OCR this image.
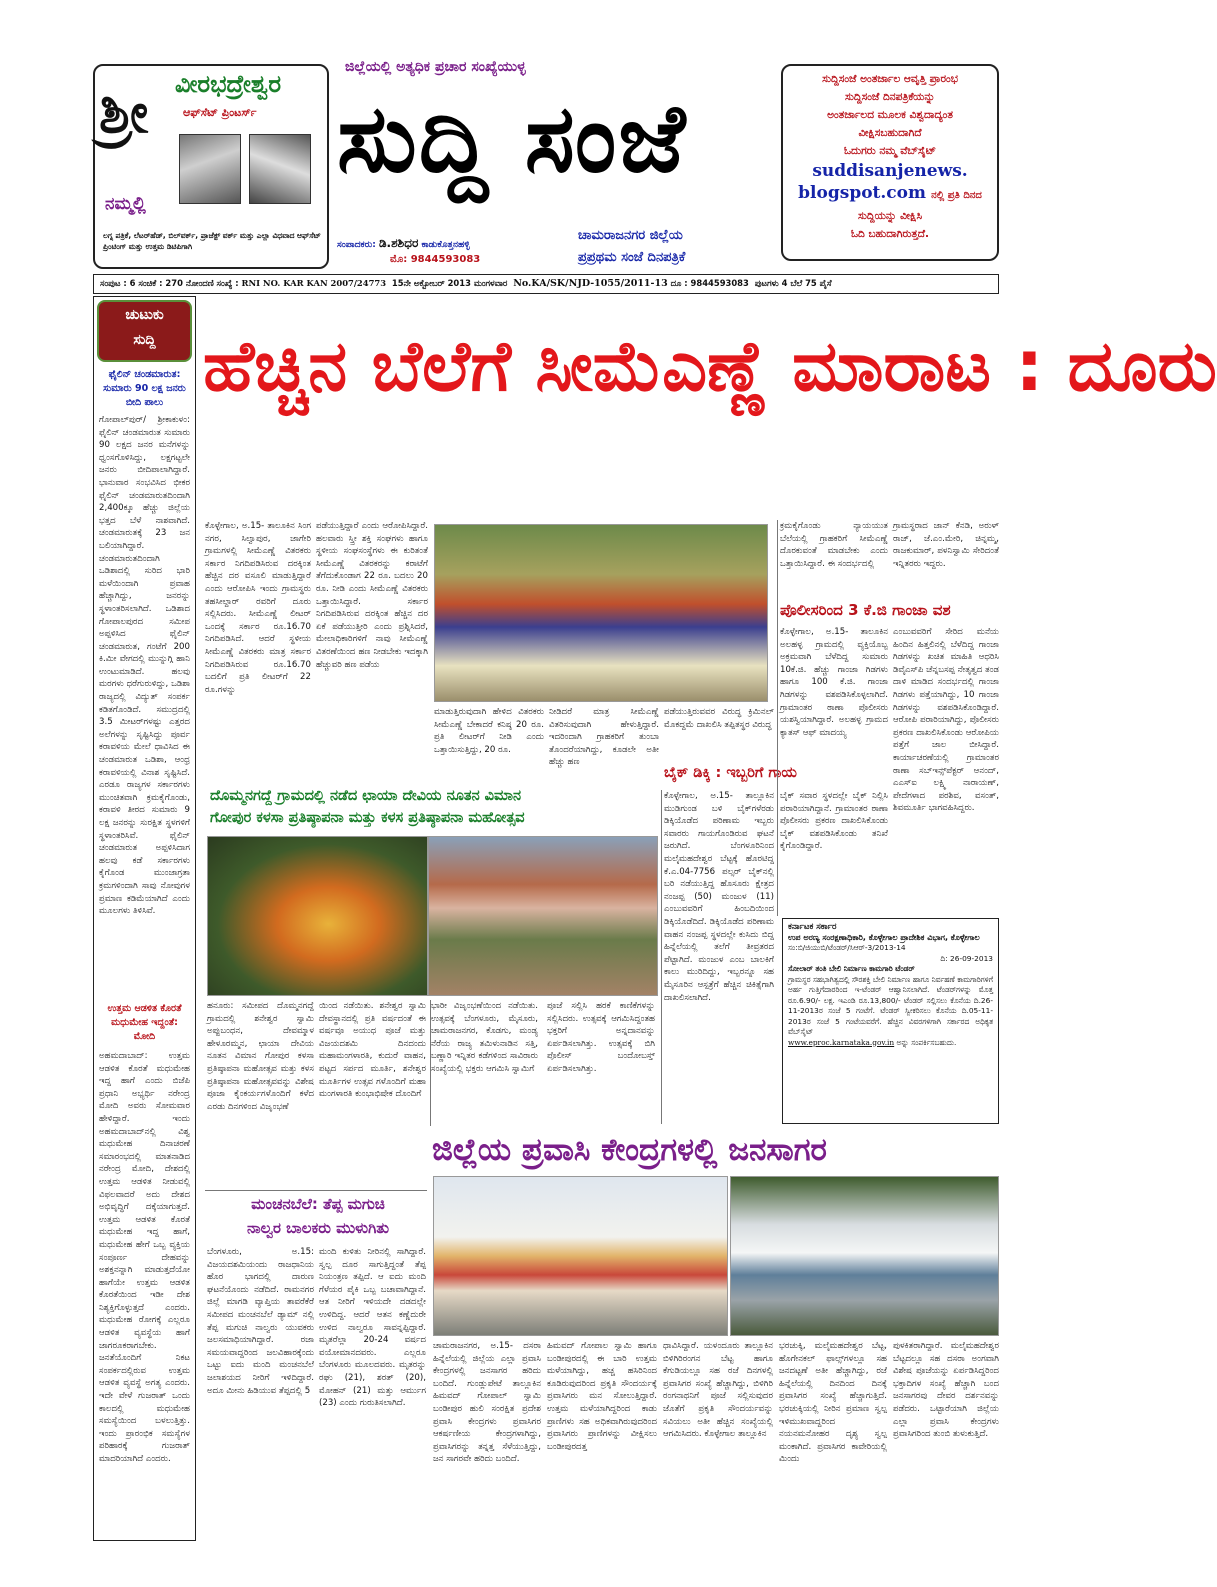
ಶ್ರೀ ವೀರಭದ್ರೇಶ್ವರ
ಆಫ್‌ಸೆಟ್ ಪ್ರಿಂಟರ್ಸ್
ನಮ್ಮಲ್ಲಿ
ಲಗ್ನ ಪತ್ರಿಕೆ, ಲೆಟರ್‌ಹೆಡ್, ಬಿಲ್‌ವರ್ಕ್, ಪ್ರಾಜೆಕ್ಟ್ ವರ್ಕ್ ಮತ್ತು ಎಲ್ಲಾ ವಿಧವಾದ ಆಫ್‌ಸೆಟ್ ಪ್ರಿಂಟಿಂಗ್ ಮತ್ತು ಉತ್ತಮ ಡಿಟಿಪಿಗಾಗಿ
ಜಿಲ್ಲೆಯಲ್ಲಿ ಅತ್ಯಧಿಕ ಪ್ರಚಾರ ಸಂಖ್ಯೆಯುಳ್ಳ
ಸುದ್ದಿ ಸಂಜೆ
ಸಂಪಾದಕರು: ಡಿ.ಶಶಿಧರ ಕಾಡುಕೊತ್ತನಹಳ್ಳಿ
ಮೊ: 9844593083
ಚಾಮರಾಜನಗರ ಜಿಲ್ಲೆಯ
ಪ್ರಪ್ರಥಮ ಸಂಜೆ ದಿನಪತ್ರಿಕೆ
ಸುದ್ದಿಸಂಜೆ ಅಂತರ್ಜಾಲ ಆವೃತ್ತಿ ಪ್ರಾರಂಭ
ಸುದ್ದಿಸಂಜೆ ದಿನಪತ್ರಿಕೆಯನ್ನು
ಅಂತರ್ಜಾಲದ ಮೂಲಕ ವಿಶ್ವದಾದ್ಯಂತ
ವೀಕ್ಷಿಸಬಹುದಾಗಿದೆ
ಓದುಗರು ನಮ್ಮ ವೆಬ್‌ಸೈಟ್
suddisanjenews.
blogspot.com ನಲ್ಲಿ ಪ್ರತಿ ದಿನದ
ಸುದ್ದಿಯನ್ನು ವೀಕ್ಷಿಸಿ
ಓದಿ ಬಹುದಾಗಿರುತ್ತದೆ.
ಸಂಪುಟ : 6 ಸಂಚಿಕೆ : 270 ನೋಂದಣಿ ಸಂಖ್ಯೆ : RNI NO. KAR KAN 2007/24773 15ನೇ ಅಕ್ಟೋಬರ್ 2013 ಮಂಗಳವಾರ No.KA/SK/NJD-1055/2011-13 ದೂ : 9844593083 ಪುಟಗಳು 4 ಬೆಲೆ 75 ಪೈಸೆ
ಚುಟುಕು
ಸುದ್ದಿ
ಫೈಲಿನ್ ಚಂಡಮಾರುತ: ಸುಮಾರು 90 ಲಕ್ಷ ಜನರು ಬೀದಿ ಪಾಲು
ಗೋಪಾಲ್‌ಪುರ್/ ಶ್ರೀಕಾಕುಳಂ: ಫೈಲಿನ್ ಚಂಡಮಾರುತ ಸುಮಾರು 90 ಲಕ್ಷದ ಜನರ ಮನೆಗಳನ್ನು ಧ್ವಂಸಗೊಳಿಸಿದ್ದು, ಲಕ್ಷಗಟ್ಟಲೇ ಜನರು ಬೀದಿಪಾಲಾಗಿದ್ದಾರೆ. ಭಾನುವಾರ ಸಂಭವಿಸಿದ ಭೀಕರ ಫೈಲಿನ್ ಚಂಡಮಾರುತದಿಂದಾಗಿ 2,400ಕ್ಕೂ ಹೆಚ್ಚು ಜಿಲ್ಲೆಯ ಭತ್ತದ ಬೆಳೆ ನಾಶವಾಗಿದೆ. ಚಂಡಮಾರುತಕ್ಕೆ 23 ಜನ ಬಲಿಯಾಗಿದ್ದಾರೆ. ಚಂಡಮಾರುತದಿಂದಾಗಿ ಒಡಿಶಾದಲ್ಲಿ ಸುರಿದ ಭಾರಿ ಮಳೆಯಿಂದಾಗಿ ಪ್ರವಾಹ ಹೆಚ್ಚಾಗಿದ್ದು, ಜನರನ್ನು ಸ್ಥಳಾಂತರಿಸಲಾಗಿದೆ. ಒಡಿಶಾದ ಗೋಪಾಲಪುರದ ಸಮೀಪ ಅಪ್ಪಳಿಸಿದ ಫೈಲಿನ್ ಚಂಡಮಾರುತ, ಗಂಟೆಗೆ 200 ಕಿ.ಮೀ ವೇಗದಲ್ಲಿ ಮುನ್ನುಗ್ಗಿ ಹಾನಿ ಉಂಟುಮಾಡಿದೆ. ಹಲವು ಮರಗಳು ಧರೆಗುರುಳಿದ್ದು, ಒಡಿಶಾ ರಾಜ್ಯದಲ್ಲಿ ವಿದ್ಯುತ್ ಸಂಪರ್ಕ ಕಡಿತಗೊಂಡಿದೆ. ಸಮುದ್ರದಲ್ಲಿ 3.5 ಮೀಟರ್‌ಗಳಷ್ಟು ಎತ್ತರದ ಅಲೆಗಳನ್ನು ಸೃಷ್ಟಿಸಿದ್ದು ಪೂರ್ವ ಕರಾವಳಿಯ ಮೇಲೆ ಧಾವಿಸಿದ ಈ ಚಂಡಮಾರುತ ಒಡಿಶಾ, ಆಂಧ್ರ ಕರಾವಳಿಯಲ್ಲಿ ವಿನಾಶ ಸೃಷ್ಟಿಸಿದೆ. ಎರಡೂ ರಾಜ್ಯಗಳ ಸರ್ಕಾರಗಳು ಮುಂಚಿತವಾಗಿ ಕ್ರಮಕೈಗೊಂಡು, ಕರಾವಳಿ ತೀರದ ಸುಮಾರು 9 ಲಕ್ಷ ಜನರನ್ನು ಸುರಕ್ಷಿತ ಸ್ಥಳಗಳಿಗೆ ಸ್ಥಳಾಂತರಿಸಿವೆ. ಫೈಲಿನ್ ಚಂಡಮಾರುತ ಅಪ್ಪಳಿಸಿದಾಗ ಹಲವು ಕಡೆ ಸರ್ಕಾರಗಳು ಕೈಗೊಂಡ ಮುಂಜಾಗ್ರತಾ ಕ್ರಮಗಳಿಂದಾಗಿ ಸಾವು ನೋವುಗಳ ಪ್ರಮಾಣ ಕಡಿಮೆಯಾಗಿದೆ ಎಂದು ಮೂಲಗಳು ತಿಳಿಸಿವೆ.
ಉತ್ತಮ ಆಡಳಿತ ಕೊರತೆ ಮಧುಮೇಹ ಇದ್ದಂತೆ: ಮೋದಿ
ಅಹಮದಾಬಾದ್: ಉತ್ತಮ ಆಡಳಿತ ಕೊರತೆ ಮಧುಮೇಹ ಇದ್ದ ಹಾಗೆ ಎಂದು ಬಿಜೆಪಿ ಪ್ರಧಾನಿ ಅಭ್ಯರ್ಥಿ ನರೇಂದ್ರ ಮೋದಿ ಅವರು ಸೋಮವಾರ ಹೇಳಿದ್ದಾರೆ. ಇಂದು ಅಹಮದಾಬಾದ್‌ನಲ್ಲಿ ವಿಶ್ವ ಮಧುಮೇಹ ದಿನಾಚರಣೆ ಸಮಾರಂಭದಲ್ಲಿ ಮಾತನಾಡಿದ ನರೇಂದ್ರ ಮೋದಿ, ದೇಶದಲ್ಲಿ ಉತ್ತಮ ಆಡಳಿತ ನೀಡುವಲ್ಲಿ ವಿಫಲವಾದರೆ ಅದು ದೇಶದ ಅಭಿವೃದ್ಧಿಗೆ ದಕ್ಕೆಯಾಗುತ್ತದೆ. ಉತ್ತಮ ಆಡಳಿತ ಕೊರತೆ ಮಧುಮೇಹ ಇದ್ದ ಹಾಗೆ, ಮಧುಮೇಹ ಹೇಗೆ ಒಬ್ಬ ವ್ಯಕ್ತಿಯ ಸಂಪೂರ್ಣ ದೇಹವನ್ನು ಅಶಕ್ತನನ್ನಾಗಿ ಮಾಡುತ್ತದೆಯೋ ಹಾಗೆಯೇ ಉತ್ತಮ ಆಡಳಿತ ಕೊರತೆಯಿಂದ ಇಡೀ ದೇಶ ನಿಶ್ಯಕ್ತಿಗೊಳ್ಳುತ್ತದೆ ಎಂದರು. ಮಧುಮೇಹ ರೋಗಕ್ಕೆ ಎಲ್ಲರೂ ಆಡಳಿತ ವ್ಯವಸ್ಥೆಯ ಹಾಗೆ ಜಾಗರೂಕರಾಗಬೇಕು. ಜನತೆಯೊಂದಿಗೆ ನಿಕಟ ಸಂಪರ್ಕದಲ್ಲಿರುವ ಉತ್ತಮ ಆಡಳಿತ ವ್ಯವಸ್ಥೆ ಅಗತ್ಯ ಎಂದರು. ಇದೇ ವೇಳೆ ಗುಜರಾತ್ ಒಂದು ಕಾಲದಲ್ಲಿ ಮಧುಮೇಹ ಸಮಸ್ಯೆಯಿಂದ ಬಳಲುತ್ತಿತ್ತು. ಇಂದು ಪ್ರಾರಂಭಿಕ ಸಮಸ್ಯೆಗಳ ಪರಿಹಾರಕ್ಕೆ ಗುಜರಾತ್ ಮಾದರಿಯಾಗಿದೆ ಎಂದರು.
ಹೆಚ್ಚಿನ ಬೆಲೆಗೆ ಸೀಮೆಎಣ್ಣೆ ಮಾರಾಟ : ದೂರು
ಕೊಳ್ಳೇಗಾಲ, ಅ.15- ತಾಲೂಕಿನ ಸಿಂಗ ನಗರ, ಸಿಲ್ವಾಪುರ, ಜಾಗೇರಿ ಗ್ರಾಮಗಳಲ್ಲಿ ಸೀಮೆಎಣ್ಣೆ ವಿತರಕರು ಸರ್ಕಾರ ನಿಗದಿಪಡಿಸಿರುವ ದರಕ್ಕಿಂತ ಹೆಚ್ಚಿನ ದರ ವಸೂಲಿ ಮಾಡುತ್ತಿದ್ದಾರೆ ಎಂದು ಆರೋಪಿಸಿ ಇಂದು ಗ್ರಾಮಸ್ಥರು ತಹಸೀಲ್ದಾರ್ ರವರಿಗೆ ದೂರು ಸಲ್ಲಿಸಿದರು. ಸೀಮೆಎಣ್ಣೆ ಲೀಟರ್ ಒಂದಕ್ಕೆ ಸರ್ಕಾರ ರೂ.16.70 ನಿಗದಿಪಡಿಸಿದೆ. ಆದರೆ ಸ್ಥಳೀಯ ಸೀಮೆಎಣ್ಣೆ ವಿತರಕರು ಮಾತ್ರ ಸರ್ಕಾರ ನಿಗದಿಪಡಿಸಿರುವ ರೂ.16.70 ಬದಲಿಗೆ ಪ್ರತಿ ಲೀಟರ್‌ಗೆ 22 ರೂ.ಗಳನ್ನು
ಪಡೆಯುತ್ತಿದ್ದಾರೆ ಎಂದು ಆರೋಪಿಸಿದ್ದಾರೆ. ಹಲವಾರು ಸ್ತ್ರೀ ಶಕ್ತಿ ಸಂಘಗಳು ಹಾಗೂ ಸ್ಥಳೀಯ ಸಂಘಸಂಸ್ಥೆಗಳು ಈ ಕುರಿತಂತೆ ಸೀಮೆಎಣ್ಣೆ ವಿತರಕರನ್ನು ಕರಾಟೆಗೆ ತೆಗೆದುಕೊಂಡಾಗ 22 ರೂ. ಬದಲು 20 ರೂ. ನೀಡಿ ಎಂದು ಸೀಮೆಎಣ್ಣೆ ವಿತರಕರು ಒತ್ತಾಯಿಸಿದ್ದಾರೆ. ಸರ್ಕಾರ ನಿಗದಿಪಡಿಸಿರುವ ದರಕ್ಕಿಂತ ಹೆಚ್ಚಿನ ದರ ಏಕೆ ಪಡೆಯುತ್ತೀರಿ ಎಂದು ಪ್ರಶ್ನಿಸಿದರೆ, ಮೇಲಾಧಿಕಾರಿಗಳಿಗೆ ನಾವು ಸೀಮೆಎಣ್ಣೆ ವಿತರಣೆಯಿಂದ ಹಣ ನೀಡಬೇಕು ಇದಕ್ಕಾಗಿ ಹೆಚ್ಚುವರಿ ಹಣ ಪಡೆಯ
ಮಾಡುತ್ತಿರುವುದಾಗಿ ಹೇಳಿದ ವಿತರಕರು ಸೀಮೆಎಣ್ಣೆ ಬೇಕಾದರೆ ಕನಿಷ್ಠ 20 ರೂ. ಪ್ರತಿ ಲೀಟರ್‌ಗೆ ನೀಡಿ ಎಂದು ಒತ್ತಾಯಿಸುತ್ತಿದ್ದು, 20 ರೂ.
ನೀಡಿದರೆ ಮಾತ್ರ ಸೀಮೆಎಣ್ಣೆ ವಿತರಿಸುವುದಾಗಿ ಹೇಳುತ್ತಿದ್ದಾರೆ. ಇದರಿಂದಾಗಿ ಗ್ರಾಹಕರಿಗೆ ತುಂಬಾ ತೊಂದರೆಯಾಗಿದ್ದು, ಕೂಡಲೇ ಅತೀ ಹೆಚ್ಚು ಹಣ
ಪಡೆಯುತ್ತಿರುವವರ ವಿರುದ್ಧ ಕ್ರಿಮಿನಲ್ ಮೊಕದ್ದಮೆ ದಾಖಲಿಸಿ ತಪ್ಪಿತಸ್ಥರ ವಿರುದ್ಧ
ಕ್ರಮಕೈಗೊಂಡು ನ್ಯಾಯಯುತ ಬೆಲೆಯಲ್ಲಿ ಗ್ರಾಹಕರಿಗೆ ಸೀಮೆಎಣ್ಣೆ ದೊರಕುವಂತೆ ಮಾಡಬೇಕು ಎಂದು ಒತ್ತಾಯಿಸಿದ್ದಾರೆ. ಈ ಸಂದರ್ಭದಲ್ಲಿ
ಗ್ರಾಮಸ್ಥರಾದ ಜಾನ್ ಕೆನಡಿ, ಅರುಳ್ ರಾಜ್, ಜೆ.ಎಂ.ಮೇರಿ, ಚಿನ್ನಮ್ಮ, ರಾಜಕುಮಾರ್, ಪಳನಿಸ್ವಾಮಿ ಸೇರಿದಂತೆ ಇನ್ನಿತರರು ಇದ್ದರು.
ಪೊಲೀಸರಿಂದ 3 ಕೆ.ಜಿ ಗಾಂಜಾ ವಶ
ಕೊಳ್ಳೇಗಾಲ, ಅ.15- ತಾಲೂಕಿನ ಅಲಹಳ್ಳ ಗ್ರಾಮದಲ್ಲಿ ವ್ಯಕ್ತಿಯೊಬ್ಬ ಅಕ್ರಮವಾಗಿ ಬೆಳೆದಿದ್ದ ಸುಮಾರು 10ಕೆ.ಜಿ. ಹೆಚ್ಚು ಗಾಂಜಾ ಗಿಡಗಳು ಹಾಗೂ 100 ಕೆ.ಜಿ. ಗಾಂಜಾ ಗಿಡಗಳನ್ನು ವಶಪಡಿಸಿಕೊಳ್ಳಲಾಗಿದೆ. ಗ್ರಾಮಾಂತರ ಠಾಣಾ ಪೊಲೀಸರು ಯಶಸ್ವಿಯಾಗಿದ್ದಾರೆ. ಅಲಹಳ್ಳ ಗ್ರಾಮದ ಕ್ಯಾತಸ್ ಆಫ್ ಮಾದಯ್ಯ
ಎಂಬುವವರಿಗೆ ಸೇರಿದ ಮನೆಯ ಹಿಂದಿನ ಹಿತ್ತಲಿನಲ್ಲಿ ಬೆಳೆದಿದ್ದ ಗಾಂಜಾ ಗಿಡಗಳನ್ನು ಖಚಿತ ಮಾಹಿತಿ ಆಧರಿಸಿ ಡಿವೈಎಸ್‌ಪಿ ಚೆನ್ನಬಸಪ್ಪ ನೇತೃತ್ವದ ತಂಡ ದಾಳಿ ಮಾಡಿದ ಸಂದರ್ಭದಲ್ಲಿ ಗಾಂಜಾ ಗಿಡಗಳು ಪತ್ತೆಯಾಗಿದ್ದು, 10 ಗಾಂಜಾ ಗಿಡಗಳನ್ನು ವಶಪಡಿಸಿಕೊಂಡಿದ್ದಾರೆ. ಆರೋಪಿ ಪರಾರಿಯಾಗಿದ್ದು, ಪೊಲೀಸರು ಪ್ರಕರಣ ದಾಖಲಿಸಿಕೊಂಡು ಆರೋಪಿಯ ಪತ್ತೆಗೆ ಜಾಲ ಬೀಸಿದ್ದಾರೆ. ಕಾರ್ಯಾಚರಣೆಯಲ್ಲಿ ಗ್ರಾಮಾಂತರ ಠಾಣಾ ಸಬ್‌ಇನ್ಸ್‌ಪೆಕ್ಟರ್ ಆನಂದ್, ಎಎಸ್‌ಐ ಲಕ್ಷ್ಮಿ ನಾರಾಯಣ್, ಪೇದೆಗಳಾದ ಪರಶಿವ, ವಸಂತ್, ಶಿವಮೂರ್ತಿ ಭಾಗವಹಿಸಿದ್ದರು.
ಬೈಕ್ ಡಿಕ್ಕಿ : ಇಬ್ಬರಿಗೆ ಗಾಯ
ಕೊಳ್ಳೇಗಾಲ, ಅ.15- ತಾಲ್ಲೂಕಿನ ಮುಡಿಗುಂಡ ಬಳಿ ಬೈಕ್‌ಗಳೆರಡು ಡಿಕ್ಕಿಯೊಡೆದ ಪರಿಣಾಮ ಇಬ್ಬರು ಸವಾರರು ಗಾಯಗೊಂಡಿರುವ ಘಟನೆ ಜರುಗಿದೆ. ಬೆಂಗಳೂರಿನಿಂದ ಮಲೈಮಹದೇಶ್ವರ ಬೆಟ್ಟಕ್ಕೆ ಹೊರಟಿದ್ದ ಕೆ.ಎ.04-7756 ಪಲ್ಸರ್ ಬೈಕ್‌ನಲ್ಲಿ ಬರಿ ನಡೆಯುತ್ತಿದ್ದ ಹೊಸೂರು ಕ್ಷೇತ್ರದ ನಂಜಪ್ಪ (50) ಮಂಜುಳ (11) ಎಂಬುವವರಿಗೆ ಹಿಂಬದಿಯಿಂದ ಡಿಕ್ಕಿಯೊಡೆದಿದೆ. ಡಿಕ್ಕಿಯೊಡೆದ ಪರಿಣಾಮ ವಾಹನ ನಂಜಪ್ಪ ಸ್ಥಳದಲ್ಲೇ ಕುಸಿದು ಬಿದ್ದ ಹಿನ್ನೆಲೆಯಲ್ಲಿ ತಲೆಗೆ ತೀವ್ರತರದ ಪೆಟ್ಟಾಗಿದೆ. ಮಂಜುಳ ಎಂಬ ಬಾಲಕಿಗೆ ಕಾಲು ಮುರಿದಿದ್ದು, ಇಬ್ಬರನ್ನೂ ಸಹ ಮೈಸೂರಿನ ಆಸ್ಪತ್ರೆಗೆ ಹೆಚ್ಚಿನ ಚಿಕಿತ್ಸೆಗಾಗಿ ದಾಖಲಿಸಲಾಗಿದೆ.
ಬೈಕ್ ಸವಾರ ಸ್ಥಳದಲ್ಲೇ ಬೈಕ್ ನಿಲ್ಲಿಸಿ ಪರಾರಿಯಾಗಿದ್ದಾನೆ. ಗ್ರಾಮಾಂತರ ಠಾಣಾ ಪೊಲೀಸರು ಪ್ರಕರಣ ದಾಖಲಿಸಿಕೊಂಡು ಬೈಕ್ ವಶಪಡಿಸಿಕೊಂಡು ತನಿಖೆ ಕೈಗೊಂಡಿದ್ದಾರೆ.
ದೊಮ್ಮನಗದ್ದೆ ಗ್ರಾಮದಲ್ಲಿ ನಡೆದ ಛಾಯಾ ದೇವಿಯ ನೂತನ ವಿಮಾನ
ಗೋಪುರ ಕಳಸಾ ಪ್ರತಿಷ್ಠಾಪನಾ ಮತ್ತು ಕಳಸ ಪ್ರತಿಷ್ಠಾಪನಾ ಮಹೋತ್ಸವ
ಹನೂರು: ಸಮೀಪದ ದೊಮ್ಮನಗದ್ದೆ ಗ್ರಾಮದಲ್ಲಿ ಶನೇಶ್ವರ ಸ್ವಾಮಿ ಅಪ್ಪುಬಂಧನ, ದೇವಮ್ಮಾಳ ಹೇಳೂರಮ್ಮನ, ಛಾಯಾ ದೇವಿಯ ನೂತನ ವಿಮಾನ ಗೋಪುರ ಕಳಸಾ ಪ್ರತಿಷ್ಠಾಪನಾ ಮಹೋತ್ಸವ ಮತ್ತು ಕಳಸ ಪ್ರತಿಷ್ಠಾಪನಾ ಮಹೋತ್ಸವವನ್ನು ವಿಶೇಷ ಪೂಜಾ ಕೈಂಕರ್ಯಗಳೊಂದಿಗೆ ಕಳೆದ ಎರಡು ದಿನಗಳಿಂದ ವಿಜೃಂಭಣೆ
ಯಿಂದ ನಡೆಯಿತು. ಶನೇಶ್ವರ ಸ್ವಾಮಿ ದೇವಸ್ಥಾನದಲ್ಲಿ ಪ್ರತಿ ವರ್ಷದಂತೆ ಈ ವರ್ಷವೂ ಅಯುಧ ಪೂಜೆ ಮತ್ತು ವಿಜಯದಶಮಿ ದಿನದಂದು ಮಹಾಮಂಗಳಾರತಿ, ಕುದುರೆ ವಾಹನ, ಪಟ್ಟದ ಸರ್ಪದ ಮೂರ್ತಿ, ಶನೇಶ್ವರ ಮೂರ್ತಿಗಳ ಉತ್ಸವ ಗಳೊಂದಿಗೆ ಮಹಾ ಮಂಗಳಾರತಿ ಕುಂಭಾಭಿಷೇಕ ದೊಂದಿಗೆ
ಭಾರೀ ವಿಜೃಂಭಣೆಯಿಂದ ನಡೆಯಿತು. ಉತ್ಸವಕ್ಕೆ ಬೆಂಗಳೂರು, ಮೈಸೂರು, ಚಾಮರಾಜನಗರ, ಕೊಡಗು, ಮಂಡ್ಯ ನೆರೆಯ ರಾಜ್ಯ ತಮಿಳುನಾಡಿನ ಸತ್ತಿ, ಬಣ್ಣಾರಿ ಇನ್ನಿತರ ಕಡೆಗಳಿಂದ ಸಾವಿರಾರು ಸಂಖ್ಯೆಯಲ್ಲಿ ಭಕ್ತರು ಆಗಮಿಸಿ ಸ್ವಾಮಿಗೆ
ಪೂಜೆ ಸಲ್ಲಿಸಿ ಹರಕೆ ಕಾಣಿಕೆಗಳನ್ನು ಸಲ್ಲಿಸಿದರು. ಉತ್ಸವಕ್ಕೆ ಆಗಮಿಸಿದ್ದಂತಹ ಭಕ್ತರಿಗೆ ಅನ್ನದಾನವನ್ನು ಏರ್ಪಡಿಸಲಾಗಿತ್ತು. ಉತ್ಸವಕ್ಕೆ ಬಿಗಿ ಪೊಲೀಸ್ ಬಂದೋಬಸ್ತ್ ಏರ್ಪಡಿಸಲಾಗಿತ್ತು.
ಕರ್ನಾಟಕ ಸರ್ಕಾರ
ಉಪ ಅರಣ್ಯ ಸಂರಕ್ಷಣಾಧಿಕಾರಿ, ಕೊಳ್ಳೇಗಾಲ ಪ್ರಾದೇಶಿಕ ವಿಭಾಗ, ಕೊಳ್ಳೇಗಾಲ
ಸಂ:ಬಿ/ಜಿಯುಬಿ/ಟೆಂಡರ್/ಸಿಆರ್-3/2013-14
ದಿ: 26-09-2013
ಸೋಲಾರ್ ತಂತಿ ಬೇಲಿ ನಿರ್ಮಾಣ ಕಾಮಗಾರಿ ಟೆಂಡರ್
ಗ್ರಾಮಸ್ಥರ ಸಹಭಾಗಿತ್ವದಲ್ಲಿ ಸೌರಶಕ್ತಿ ಬೇಲಿ ನಿರ್ಮಾಣ ಹಾಗೂ ನಿರ್ವಹಣೆ ಕಾಮಗಾರಿಗಳಿಗೆ ಅರ್ಹ ಗುತ್ತಿಗೆದಾರರಿಂದ ಇ-ಟೆಂಡರ್ ಆಹ್ವಾನಿಸಲಾಗಿದೆ. ಟೆಂಡರ್‌ಗಳನ್ನು ಮೊತ್ತ ರೂ.6.90/- ಲಕ್ಷ. ಇಎಂಡಿ ರೂ.13,800/- ಟೆಂಡರ್ ಸಲ್ಲಿಸಲು ಕೊನೆಯ ದಿ.26-11-2013ರ ಸಂಜೆ 5 ಗಂಟೆಗೆ. ಟೆಂಡರ್ ಸ್ವೀಕರಿಸಲು ಕೊನೆಯ ದಿ.05-11-2013ರ ಸಂಜೆ 5 ಗಂಟೆಯವರೆಗೆ. ಹೆಚ್ಚಿನ ವಿವರಗಳಿಗಾಗಿ ಸರ್ಕಾರದ ಅಧಿಕೃತ ವೆಬ್‌ಸೈಟ್
www.eproc.karnataka.gov.in ಅನ್ನು ಸಂಪರ್ಕಿಸಬಹುದು.
ಮಂಚನಬೆಲೆ: ತೆಪ್ಪ ಮಗುಚಿ
ನಾಲ್ವರ ಬಾಲಕರು ಮುಳುಗಿತು
ಬೆಂಗಳೂರು, ಅ.15: ವಿಜಯದಶಮಿಯಂದು ರಾಜಧಾನಿಯ ಹೊರ ಭಾಗದಲ್ಲಿ ದಾರುಣ ಘಟನೆಯೊಂದು ನಡೆದಿದೆ. ರಾಮನಗರ ಜಿಲ್ಲೆ ಮಾಗಡಿ ವ್ಯಾಪ್ತಿಯ ತಾವರೆಕೆರೆ ಸಮೀಪದ ಮಂಚನಬೆಲೆ ಡ್ಯಾಮ್ ನಲ್ಲಿ ತೆಪ್ಪ ಮಗುಚಿ ನಾಲ್ವರು ಯುವಕರು ಜಲಸಮಾಧಿಯಾಗಿದ್ದಾರೆ. ರಜಾ ಸಮಯವಾದ್ದರಿಂದ ಜಲವಿಹಾರಕ್ಕೆಂದು ಒಟ್ಟು ಐದು ಮಂದಿ ಮಂಚನಬೆಲೆ ಜಲಾಶಯದ ನೀರಿಗೆ ಇಳಿದಿದ್ದಾರೆ. ಅದೂ ಮೀನು ಹಿಡಿಯುವ ತೆಪ್ಪದಲ್ಲಿ 5
ಮಂದಿ ಕುಳಿತು ನೀರಿನಲ್ಲಿ ಸಾಗಿದ್ದಾರೆ. ಸ್ವಲ್ಪ ದೂರ ಸಾಗುತ್ತಿದ್ದಂತೆ ತೆಪ್ಪ ನಿಯಂತ್ರಣ ತಪ್ಪಿದೆ. ಆ ಐದು ಮಂದಿ ಗೆಳೆಯರ ಪೈಕಿ ಒಬ್ಬ ಬಚಾವಾಗಿದ್ದಾನೆ. ಆತ ನೀರಿಗೆ ಇಳಿಯದೇ ದಡದಲ್ಲೇ ಉಳಿದಿದ್ದ. ಆದರೆ ಆತನ ಕಣ್ಣೆದುರೇ ಉಳಿದ ನಾಲ್ವರೂ ಸಾವನ್ನಪ್ಪಿದ್ದಾರೆ. ಮೃತರೆಲ್ಲಾ 20-24 ವರ್ಷದ ವಯೋಮಾನದವರು. ಎಲ್ಲರೂ ಬೆಂಗಳೂರು ಮೂಲದವರು. ಮೃತರನ್ನು ರಘು (21), ಶರತ್ (20), ಮೋಹನ್ (21) ಮತ್ತು ಆರ್ಮುಗ (23) ಎಂದು ಗುರುತಿಸಲಾಗಿದೆ.
ಜಿಲ್ಲೆಯ ಪ್ರವಾಸಿ ಕೇಂದ್ರಗಳಲ್ಲಿ ಜನಸಾಗರ
ಚಾಮರಾಜನಗರ, ಅ.15- ದಸರಾ ಹಿನ್ನೆಲೆಯಲ್ಲಿ ಜಿಲ್ಲೆಯ ಎಲ್ಲಾ ಪ್ರವಾಸಿ ಕೇಂದ್ರಗಳಲ್ಲಿ ಜನಸಾಗರ ಹರಿದು ಬಂದಿದೆ. ಗುಂಡ್ಲುಪೇಟೆ ತಾಲ್ಲೂಕಿನ ಹಿಮವದ್ ಗೋಪಾಲ್ ಸ್ವಾಮಿ ಬಂಡೀಪುರ ಹುಲಿ ಸಂರಕ್ಷಿತ ಪ್ರದೇಶ ಪ್ರವಾಸಿ ಕೇಂದ್ರಗಳು ಪ್ರವಾಸಿಗರ ಆಕರ್ಷಣೀಯ ಕೇಂದ್ರಗಳಾಗಿದ್ದು, ಪ್ರವಾಸಿಗರನ್ನು ತನ್ನತ್ತ ಸೆಳೆಯುತ್ತಿದ್ದು, ಜನ ಸಾಗರವೇ ಹರಿದು ಬಂದಿದೆ.
ಹಿಮವದ್ ಗೋಪಾಲ ಸ್ವಾಮಿ ಹಾಗೂ ಬಂಡೀಪುರದಲ್ಲಿ ಈ ಬಾರಿ ಉತ್ತಮ ಮಳೆಯಾಗಿದ್ದು, ಹಚ್ಚ ಹಸಿರಿನಿಂದ ಕೂಡಿರುವುದರಿಂದ ಪ್ರಕೃತಿ ಸೌಂದರ್ಯಕ್ಕೆ ಪ್ರವಾಸಿಗರು ಮನ ಸೋಲುತ್ತಿದ್ದಾರೆ. ಉತ್ತಮ ಮಳೆಯಾಗಿದ್ದರಿಂದ ಕಾಡು ಪ್ರಾಣಿಗಳು ಸಹ ಅಧಿಕವಾಗಿರುವುದರಿಂದ ಪ್ರವಾಸಿಗರು ಪ್ರಾಣಿಗಳನ್ನು ವೀಕ್ಷಿಸಲು ಬಂಡೀಪುರದತ್ತ
ಧಾವಿಸಿದ್ದಾರೆ. ಯಳಂದೂರು ತಾಲ್ಲೂಕಿನ ಬಿಳಿಗಿರಿರಂಗನ ಬೆಟ್ಟ ಹಾಗೂ ಕೆಗುಡಿಯಲ್ಲೂ ಸಹ ರಜೆ ದಿನಗಳಲ್ಲಿ ಪ್ರವಾಸಿಗರ ಸಂಖ್ಯೆ ಹೆಚ್ಚಾಗಿದ್ದು, ಬಿಳಿಗಿರಿ ರಂಗನಾಥನಿಗೆ ಪೂಜೆ ಸಲ್ಲಿಸುವುದರ ಜೊತೆಗೆ ಪ್ರಕೃತಿ ಸೌಂದರ್ಯವನ್ನು ಸವಿಯಲು ಅತೀ ಹೆಚ್ಚಿನ ಸಂಖ್ಯೆಯಲ್ಲಿ ಆಗಮಿಸಿದರು. ಕೊಳ್ಳೇಗಾಲ ತಾಲ್ಲೂಕಿನ
ಭರಚುಕ್ಕಿ, ಮಲೈಮಹದೇಶ್ವರ ಬೆಟ್ಟ, ಹೊಗೇನಕಲ್ ಫಾಲ್ಸ್‌ಗಳಲ್ಲೂ ಸಹ ಜನದಟ್ಟಣೆ ಅತೀ ಹೆಚ್ಚಾಗಿದ್ದು, ರಜೆ ಹಿನ್ನೆಲೆಯಲ್ಲಿ ದಿನದಿಂದ ದಿನಕ್ಕೆ ಪ್ರವಾಸಿಗರ ಸಂಖ್ಯೆ ಹೆಚ್ಚಾಗುತ್ತಿದೆ. ಭರಚುಕ್ಕಿಯಲ್ಲಿ ನೀರಿನ ಪ್ರಮಾಣ ಸ್ವಲ್ಪ ಇಳಿಮುಖವಾದ್ದರಿಂದ ನಯನಮನೋಹರ ದೃಶ್ಯ ಸ್ವಲ್ಪ ಮಂಕಾಗಿದೆ. ಪ್ರವಾಸಿಗರ ಕಾವೇರಿಯಲ್ಲಿ ಮಿಂದು
ಪುಳಕಿತರಾಗಿದ್ದಾರೆ. ಮಲೈಮಹದೇಶ್ವರ ಬೆಟ್ಟದಲ್ಲೂ ಸಹ ದಸರಾ ಅಂಗವಾಗಿ ವಿಶೇಷ ಪೂಜೆಯನ್ನು ಏರ್ಪಡಿಸಿದ್ದರಿಂದ ಭಕ್ತಾದಿಗಳ ಸಂಖ್ಯೆ ಹೆಚ್ಚಾಗಿ ಬಂದ ಜನಸಾಗರವು ದೇವರ ದರ್ಶನವನ್ನು ಪಡೆದರು. ಒಟ್ಟಾರೆಯಾಗಿ ಜಿಲ್ಲೆಯ ಎಲ್ಲಾ ಪ್ರವಾಸಿ ಕೇಂದ್ರಗಳು ಪ್ರವಾಸಿಗರಿಂದ ತುಂಬಿ ತುಳುಕುತ್ತಿದೆ.
